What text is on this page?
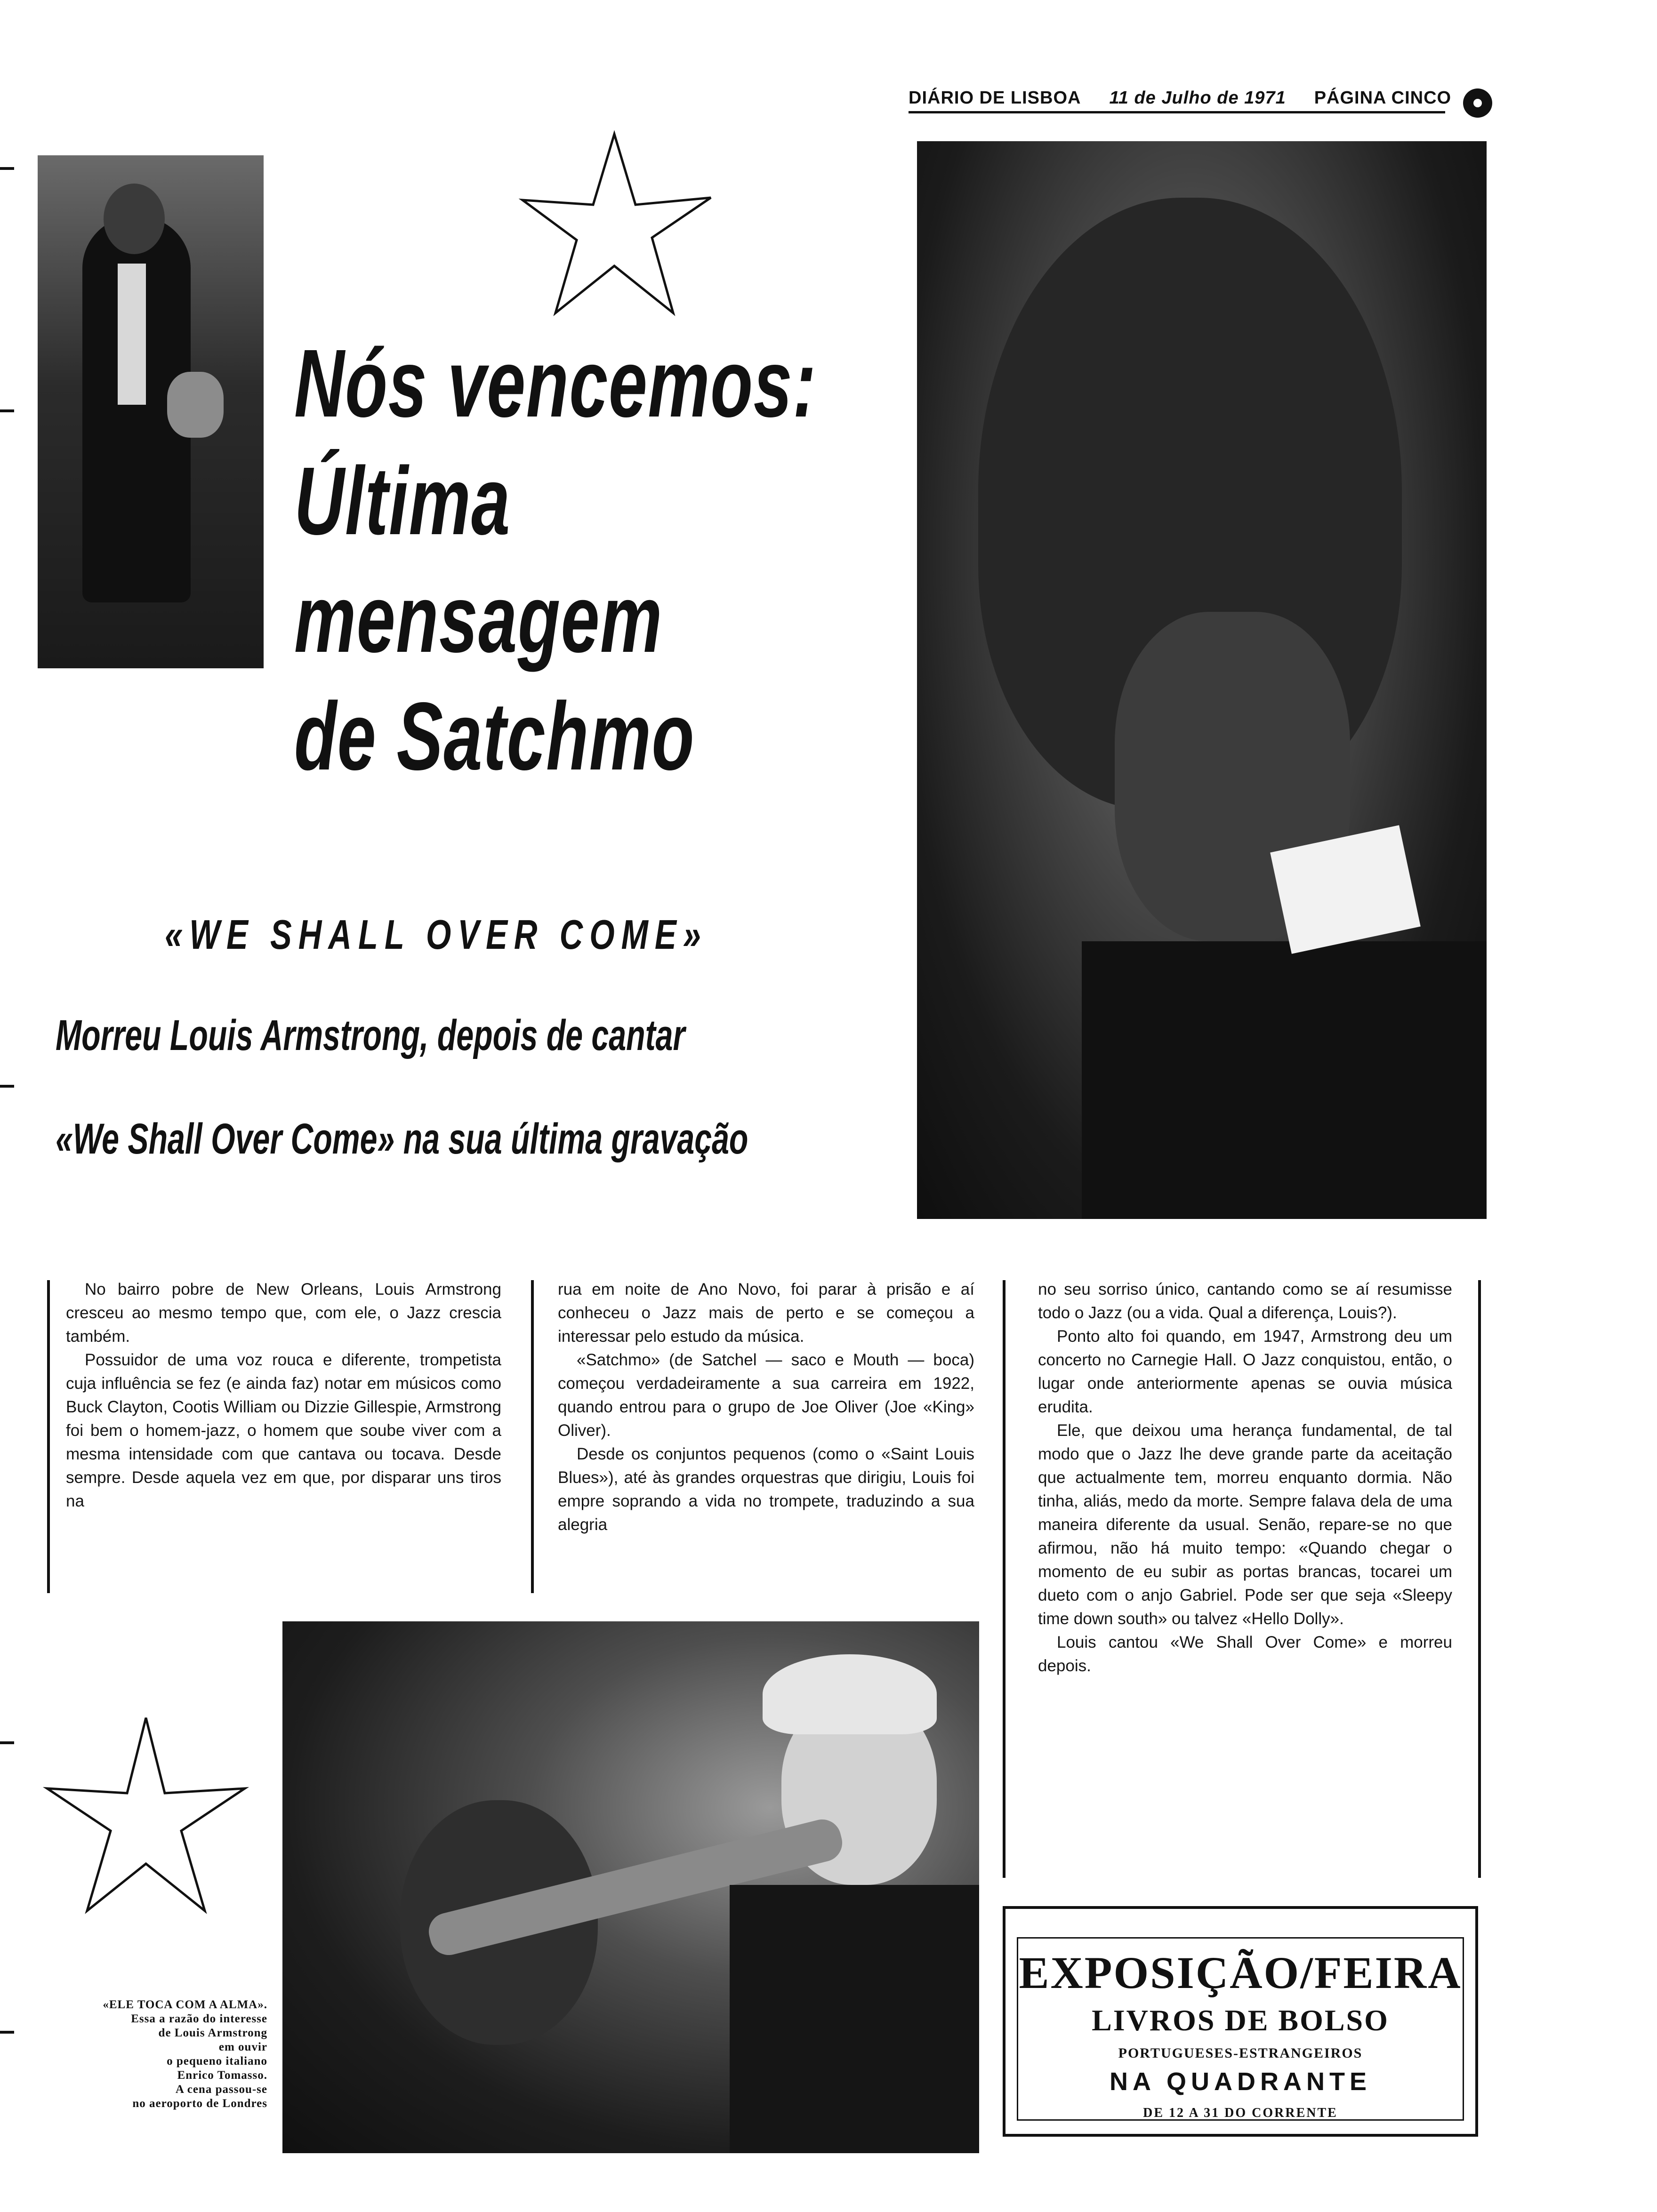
DIÁRIO DE LISBOA 11 de Julho de 1971 PÁGINA CINCO
Nós vencemos:
Última
mensagem
de Satchmo
«WE SHALL OVER COME»
Morreu Louis Armstrong, depois de cantar
«We Shall Over Come» na sua última gravação

No bairro pobre de New Orleans, Louis Armstrong cresceu ao mesmo tempo que, com ele, o Jazz crescia também.

Possuidor de uma voz rouca e diferente, trompetista cuja influência se fez (e ainda faz) notar em músicos como Buck Clayton, Cootis William ou Dizzie Gillespie, Armstrong foi bem o homem-jazz, o homem que soube viver com a mesma intensidade com que cantava ou tocava. Desde sempre. Desde aquela vez em que, por disparar uns tiros na

rua em noite de Ano Novo, foi parar à prisão e aí conheceu o Jazz mais de perto e se começou a interessar pelo estudo da música.

«Satchmo» (de Satchel — saco e Mouth — boca) começou verdadeiramente a sua carreira em 1922, quando entrou para o grupo de Joe Oliver (Joe «King» Oliver).

Desde os conjuntos pequenos (como o «Saint Louis Blues»), até às grandes orquestras que dirigiu, Louis foi empre soprando a vida no trompete, traduzindo a sua alegria

no seu sorriso único, cantando como se aí resumisse todo o Jazz (ou a vida. Qual a diferença, Louis?).

Ponto alto foi quando, em 1947, Armstrong deu um concerto no Carnegie Hall. O Jazz conquistou, então, o lugar onde anteriormente apenas se ouvia música erudita.

Ele, que deixou uma herança fundamental, de tal modo que o Jazz lhe deve grande parte da aceitação que actualmente tem, morreu enquanto dormia. Não tinha, aliás, medo da morte. Sempre falava dela de uma maneira diferente da usual. Senão, repare-se no que afirmou, não há muito tempo: «Quando chegar o momento de eu subir as portas brancas, tocarei um dueto com o anjo Gabriel. Pode ser que seja «Sleepy time down south» ou talvez «Hello Dolly».

Louis cantou «We Shall Over Come» e morreu depois.

«ELE TOCA COM A ALMA».
Essa a razão do interesse
de Louis Armstrong
em ouvir
o pequeno italiano
Enrico Tomasso.
A cena passou-se
no aeroporto de Londres
EXPOSIÇÃO/FEIRA
LIVROS DE BOLSO
PORTUGUESES-ESTRANGEIROS
NA QUADRANTE
DE 12 A 31 DO CORRENTE
